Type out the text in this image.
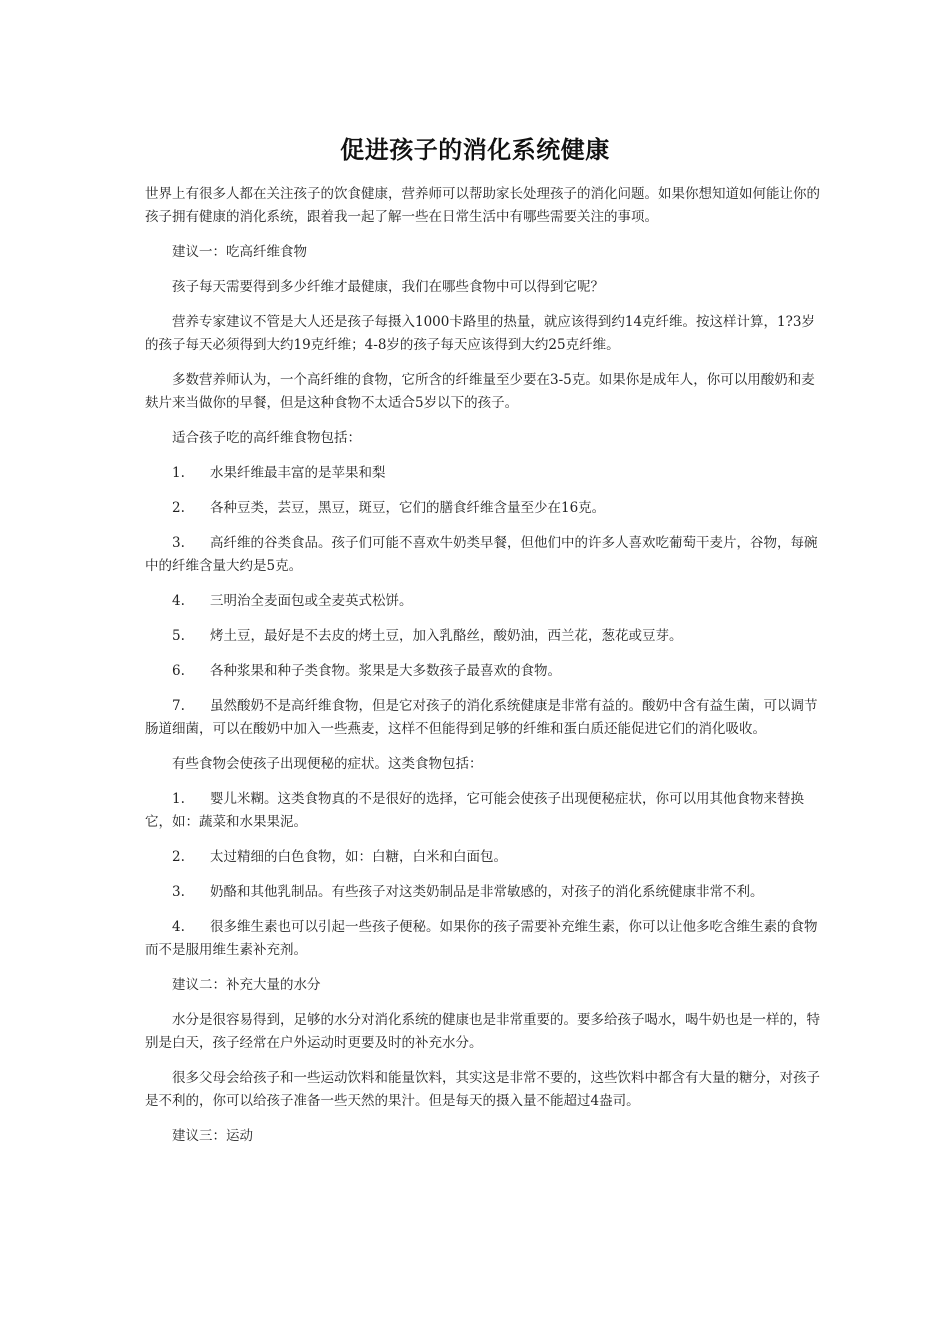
促进孩子的消化系统健康

世界上有很多人都在关注孩子的饮食健康，营养师可以帮助家长处理孩子的消化问题。如果你想知道如何能让你的孩子拥有健康的消化系统，跟着我一起了解一些在日常生活中有哪些需要关注的事项。

建议一：吃高纤维食物

孩子每天需要得到多少纤维才最健康，我们在哪些食物中可以得到它呢？

营养专家建议不管是大人还是孩子每摄入1000卡路里的热量，就应该得到约14克纤维。按这样计算，1?3岁的孩子每天必须得到大约19克纤维；4-8岁的孩子每天应该得到大约25克纤维。

多数营养师认为，一个高纤维的食物，它所含的纤维量至少要在3-5克。如果你是成年人，你可以用酸奶和麦麸片来当做你的早餐，但是这种食物不太适合5岁以下的孩子。

适合孩子吃的高纤维食物包括：

1. 水果纤维最丰富的是苹果和梨

2. 各种豆类，芸豆，黑豆，斑豆，它们的膳食纤维含量至少在16克。

3. 高纤维的谷类食品。孩子们可能不喜欢牛奶类早餐，但他们中的许多人喜欢吃葡萄干麦片，谷物，每碗中的纤维含量大约是5克。

4. 三明治全麦面包或全麦英式松饼。

5. 烤土豆，最好是不去皮的烤土豆，加入乳酪丝，酸奶油，西兰花，葱花或豆芽。

6. 各种浆果和种子类食物。浆果是大多数孩子最喜欢的食物。

7. 虽然酸奶不是高纤维食物，但是它对孩子的消化系统健康是非常有益的。酸奶中含有益生菌，可以调节肠道细菌，可以在酸奶中加入一些燕麦，这样不但能得到足够的纤维和蛋白质还能促进它们的消化吸收。

有些食物会使孩子出现便秘的症状。这类食物包括：

1. 婴儿米糊。这类食物真的不是很好的选择，它可能会使孩子出现便秘症状，你可以用其他食物来替换它，如：蔬菜和水果果泥。

2. 太过精细的白色食物，如：白糖，白米和白面包。

3. 奶酪和其他乳制品。有些孩子对这类奶制品是非常敏感的，对孩子的消化系统健康非常不利。

4. 很多维生素也可以引起一些孩子便秘。如果你的孩子需要补充维生素，你可以让他多吃含维生素的食物而不是服用维生素补充剂。

建议二：补充大量的水分

水分是很容易得到，足够的水分对消化系统的健康也是非常重要的。要多给孩子喝水，喝牛奶也是一样的，特别是白天，孩子经常在户外运动时更要及时的补充水分。

很多父母会给孩子和一些运动饮料和能量饮料，其实这是非常不要的，这些饮料中都含有大量的糖分，对孩子是不利的，你可以给孩子准备一些天然的果汁。但是每天的摄入量不能超过4盎司。

建议三：运动
